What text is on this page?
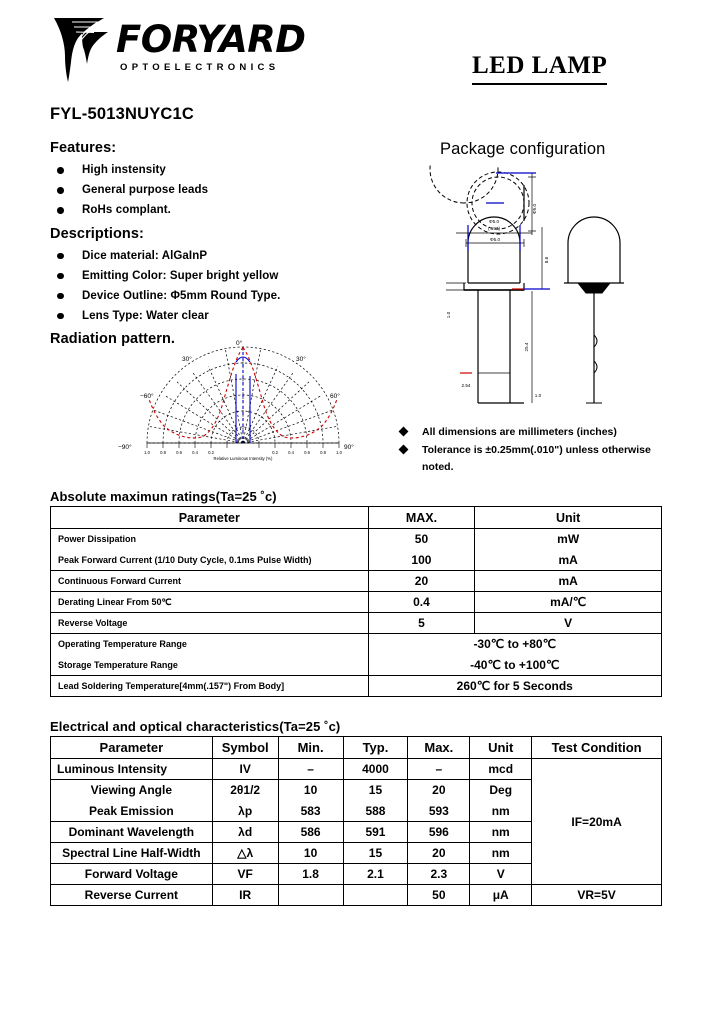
FORYARD
OPTOELECTRONICS	LED LAMP
FYL-5013NUYC1C
Features:
High instensity
General purpose leads
RoHs complant.
Descriptions:
Dice material: AlGaInP
Emitting Color: Super bright yellow
Device Outline: Φ5mm Round Type.
Lens Type: Water clear
Radiation pattern.	0°
30°	30°
−60°	60°
−90°	90°
1.0 0.8 0.6 0.4 0.2	0.2 0.4 0.6 0.8 1.0
Relative Luminous Intensity (%)
Package configuration
Φ5.0
Φ5.0
Φ5.0
(.197)
8.6
25.4
2.54
1.0
1.0
All dimensions are millimeters (inches)
Tolerance is ±0.25mm(.010") unless otherwise noted.
Absolute maximun ratings(Ta=25 ˚c)
Parameter	MAX.	Unit
Power Dissipation	50	mW
Peak Forward Current (1/10 Duty Cycle, 0.1ms Pulse Width)	100	mA
Continuous Forward Current	20	mA
Derating Linear From 50℃	0.4	mA/℃
Reverse Voltage	5	V
Operating Temperature Range	-30℃ to +80℃	
Storage Temperature Range	-40℃ to +100℃	
Lead Soldering Temperature[4mm(.157ʺ) From Body]	260℃ for 5 Seconds	
Electrical and optical characteristics(Ta=25 ˚c)
Parameter	Symbol	Min.	Typ.	Max.	Unit	Test Condition
Luminous Intensity	IV	–	4000	–	mcd	IF=20mA
Viewing Angle	2θ1/2	10	15	20	Deg	
Peak Emission	λp	583	588	593	nm	
Dominant Wavelength	λd	586	591	596	nm	
Spectral Line Half-Width	△λ	10	15	20	nm	
Forward Voltage	VF	1.8	2.1	2.3	V	
Reverse Current	IR			50	μA	VR=5V
